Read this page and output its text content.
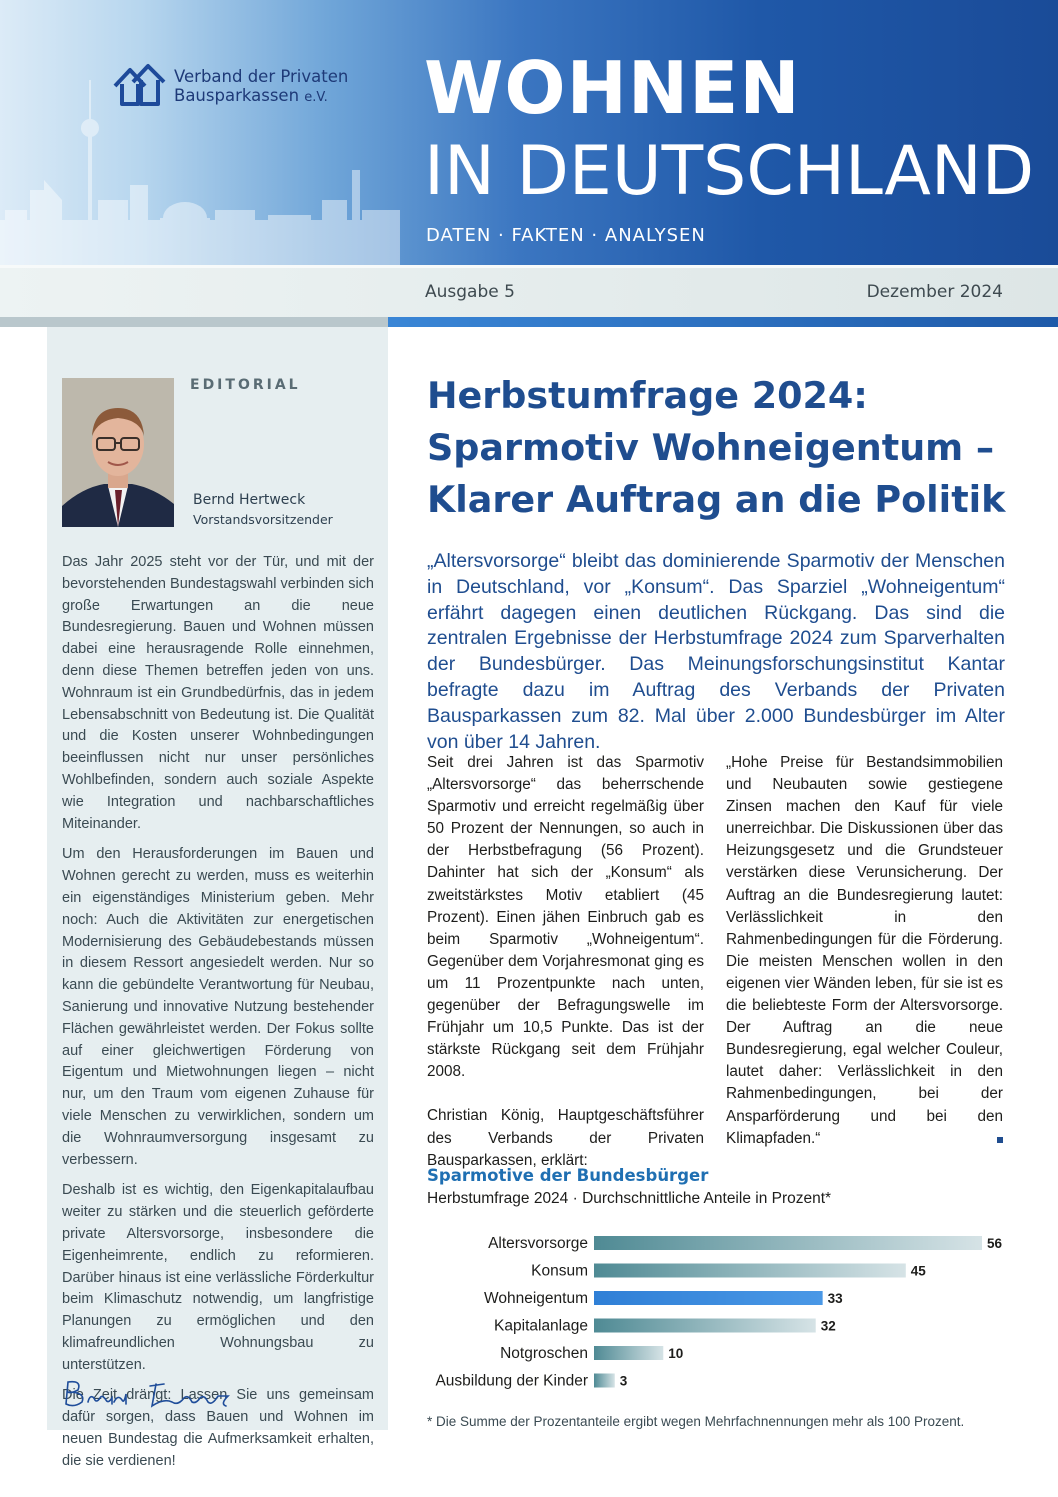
Verband der Privaten
Bausparkassen e.V.	WOHNEN
IN DEUTSCHLAND
DATEN · FAKTEN · ANALYSEN
Ausgabe 5	Dezember 2024
EDITORIAL
Bernd Hertweck
Vorstandsvorsitzender

Das Jahr 2025 steht vor der Tür, und mit der bevorstehenden Bundestagswahl verbinden sich große Erwartungen an die neue Bundesregierung. Bauen und Wohnen müssen dabei eine herausragende Rolle einnehmen, denn diese Themen betreffen jeden von uns. Wohnraum ist ein Grundbedürfnis, das in jedem Lebensabschnitt von Bedeutung ist. Die Qualität und die Kosten unserer Wohnbedingungen beeinflussen nicht nur unser persönliches Wohlbefinden, sondern auch soziale Aspekte wie Integration und nachbarschaftliches Miteinander.

Um den Herausforderungen im Bauen und Wohnen gerecht zu werden, muss es weiterhin ein eigenständiges Ministerium geben. Mehr noch: Auch die Aktivitäten zur energetischen Modernisierung des Gebäudebestands müssen in diesem Ressort angesiedelt werden. Nur so kann die gebündelte Verantwortung für Neubau, Sanierung und innovative Nutzung bestehender Flächen gewährleistet werden. Der Fokus sollte auf einer gleichwertigen Förderung von Eigentum und Mietwohnungen liegen – nicht nur, um den Traum vom eigenen Zuhause für viele Menschen zu verwirklichen, sondern um die Wohnraumversorgung insgesamt zu verbessern.

Deshalb ist es wichtig, den Eigenkapitalaufbau weiter zu stärken und die steuerlich geförderte private Altersvorsorge, insbesondere die Eigenheimrente, endlich zu reformieren. Darüber hinaus ist eine verlässliche Förderkultur beim Klimaschutz notwendig, um langfristige Planungen zu ermöglichen und den klimafreundlichen Wohnungsbau zu unterstützen.

Die Zeit drängt: Lassen Sie uns gemeinsam dafür sorgen, dass Bauen und Wohnen im neuen Bundestag die Aufmerksamkeit erhalten, die sie verdienen!

Herbstumfrage 2024:
Sparmotiv Wohneigentum –
Klarer Auftrag an die Politik

„Altersvorsorge“ bleibt das dominierende Sparmotiv der Menschen in Deutschland, vor „Konsum“. Das Sparziel „Wohneigentum“ erfährt dagegen einen deutlichen Rückgang. Das sind die zentralen Ergebnisse der Herbstumfrage 2024 zum Sparverhalten der Bundesbürger. Das Meinungsforschungsinstitut Kantar befragte dazu im Auftrag des Verbands der Privaten Bausparkassen zum 82. Mal über 2.000 Bundesbürger im Alter von über 14 Jahren.

Seit drei Jahren ist das Sparmotiv „Altersvorsorge“ das beherrschende Sparmotiv und erreicht regelmäßig über 50 Prozent der Nennungen, so auch in der Herbstbefragung (56 Prozent). Dahinter hat sich der „Konsum“ als zweitstärkstes Motiv etabliert (45 Prozent). Einen jähen Einbruch gab es beim Sparmotiv „Wohneigentum“. Gegenüber dem Vorjahresmonat ging es um 11 Prozentpunkte nach unten, gegenüber der Befragungswelle im Frühjahr um 10,5 Punkte. Das ist der stärkste Rückgang seit dem Frühjahr 2008.

Christian König, Hauptgeschäftsführer des Verbands der Privaten Bausparkassen, erklärt:

„Hohe Preise für Bestandsimmobilien und Neubauten sowie gestiegene Zinsen machen den Kauf für viele unerreichbar. Die Diskussionen über das Heizungsgesetz und die Grundsteuer verstärken diese Verunsicherung. Der Auftrag an die Bundesregierung lautet: Verlässlichkeit in den Rahmenbedingungen für die Förderung. Die meisten Menschen wollen in den eigenen vier Wänden leben, für sie ist es die beliebteste Form der Altersvorsorge. Der Auftrag an die neue Bundesregierung, egal welcher Couleur, lautet daher: Verlässlichkeit in den Rahmenbedingungen, bei der Ansparförderung und bei den Klimapfaden.“

Sparmotive der Bundesbürger
Herbstumfrage 2024 · Durchschnittliche Anteile in Prozent*
Altersvorsorge	56
Konsum	45
Wohneigentum	33
Kapitalanlage	32
Notgroschen	10
Ausbildung der Kinder 3
* Die Summe der Prozentanteile ergibt wegen Mehrfachnennungen mehr als 100 Prozent.
